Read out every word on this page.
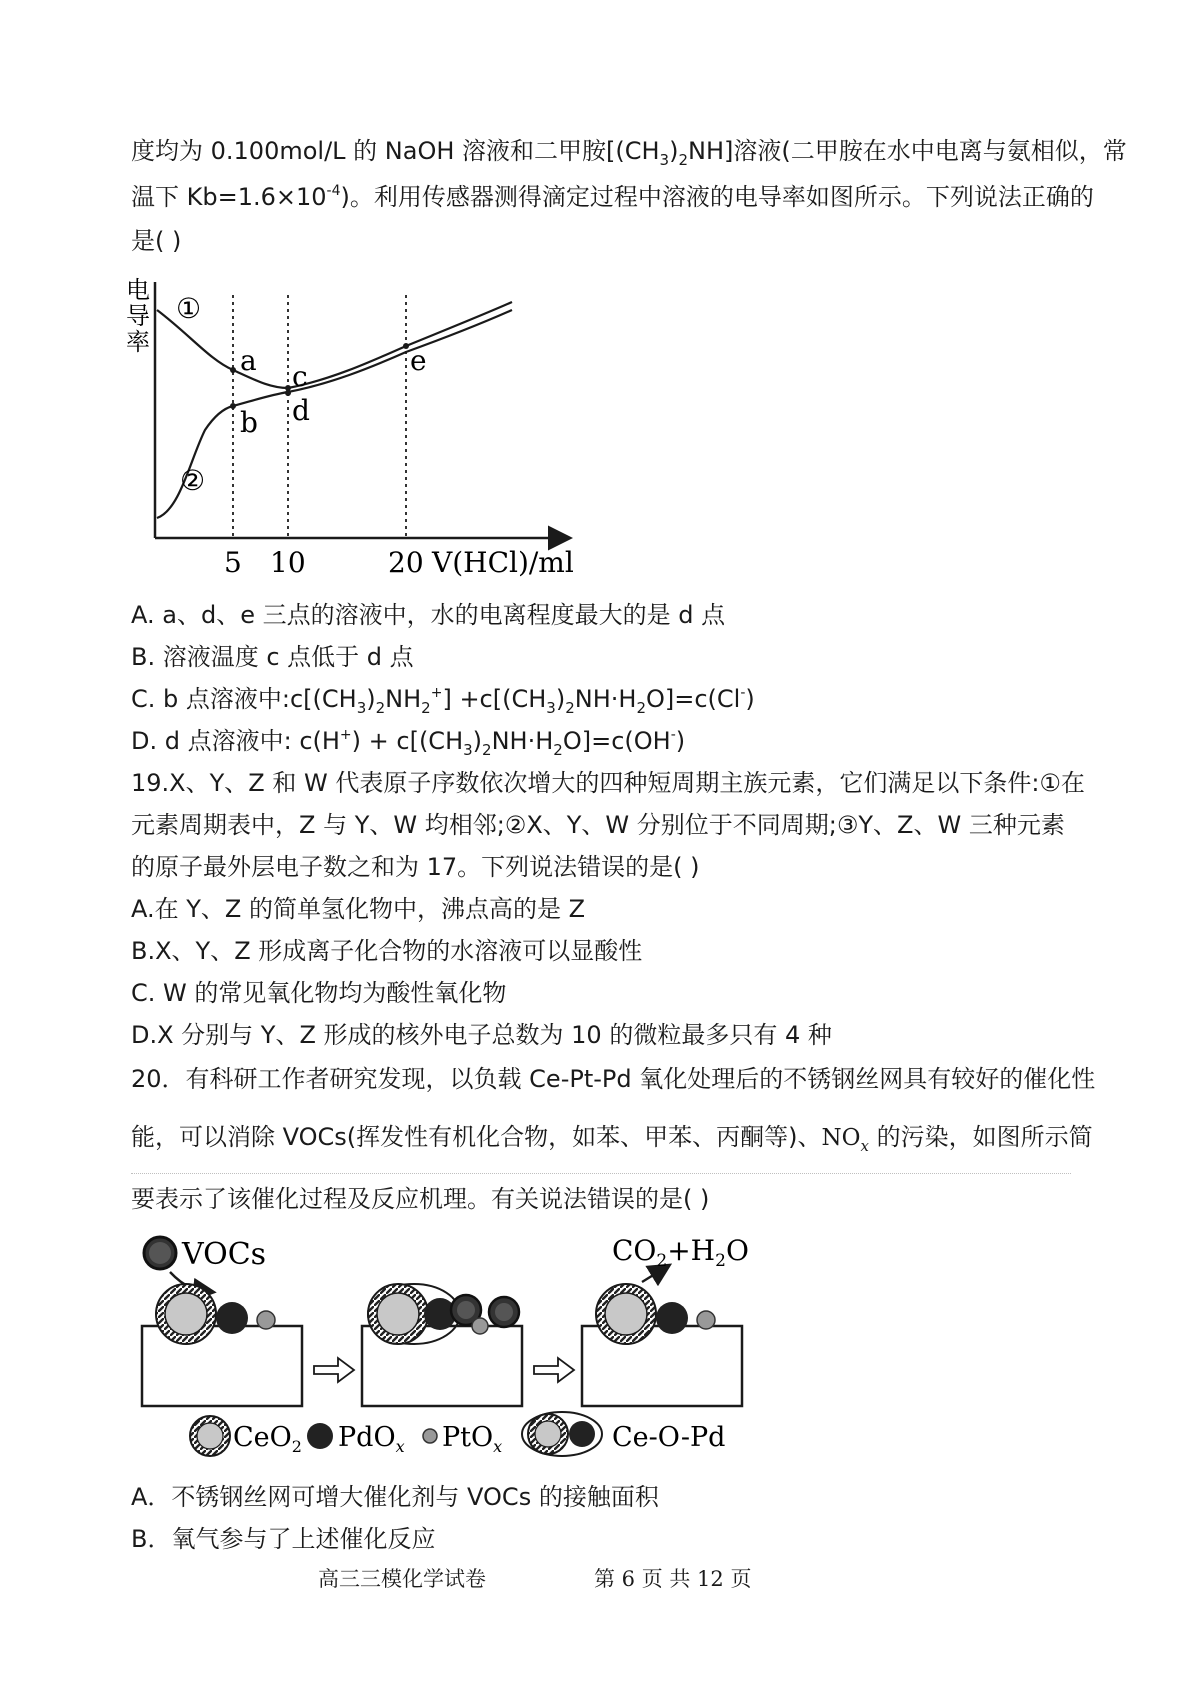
度均为 0.100mol/L 的 NaOH 溶液和二甲胺$[(CH_3)_2NH]$溶液(二甲胺在水中电离与氨相似，常
温下 $Kb=1.6\times 10^{-4}$)。利用传感器测得滴定过程中溶液的电导率如图所示。下列说法正确的
是( )
电
导
率
①
②
a
b
c
d
e
5 10	20 V(HCl)/ml
A. a、d、e 三点的溶液中，水的电离程度最大的是 d 点
B. 溶液温度 c 点低于 d 点
C. b 点溶液中$:c[(CH_3)_2NH_2^+] +c[(CH_3)_2NH\cdot H_2O]=c(Cl^-)$
D. d 点溶液中: $c(H^+) + c[(CH_3)_2NH\cdot H_2O]=c(OH^-)$
19.X、Y、Z 和 W 代表原子序数依次增大的四种短周期主族元素，它们满足以下条件:①在
元素周期表中，Z 与 Y、W 均相邻;②X、Y、W 分别位于不同周期;③Y、Z、W 三种元素
的原子最外层电子数之和为 17。下列说法错误的是( )
A.在 Y、Z 的简单氢化物中，沸点高的是 Z
B.X、Y、Z 形成离子化合物的水溶液可以显酸性
C. W 的常见氧化物均为酸性氧化物
D.X 分别与 Y、Z 形成的核外电子总数为 10 的微粒最多只有 4 种
20．有科研工作者研究发现，以负载 Ce-Pt-Pd 氧化处理后的不锈钢丝网具有较好的催化性
能，可以消除 VOCs(挥发性有机化合物，如苯、甲苯、丙酮等)、$NO_x$ 的污染，如图所示简
要表示了该催化过程及反应机理。有关说法错误的是( )
VOCs	$CO_2+H_2O$
CeO$_2$ PdO$_x$ PtO$_x$	Ce-O-Pd
A．不锈钢丝网可增大催化剂与 VOCs 的接触面积
B．氧气参与了上述催化反应
高三三模化学试卷	第 6 页 共 12 页
